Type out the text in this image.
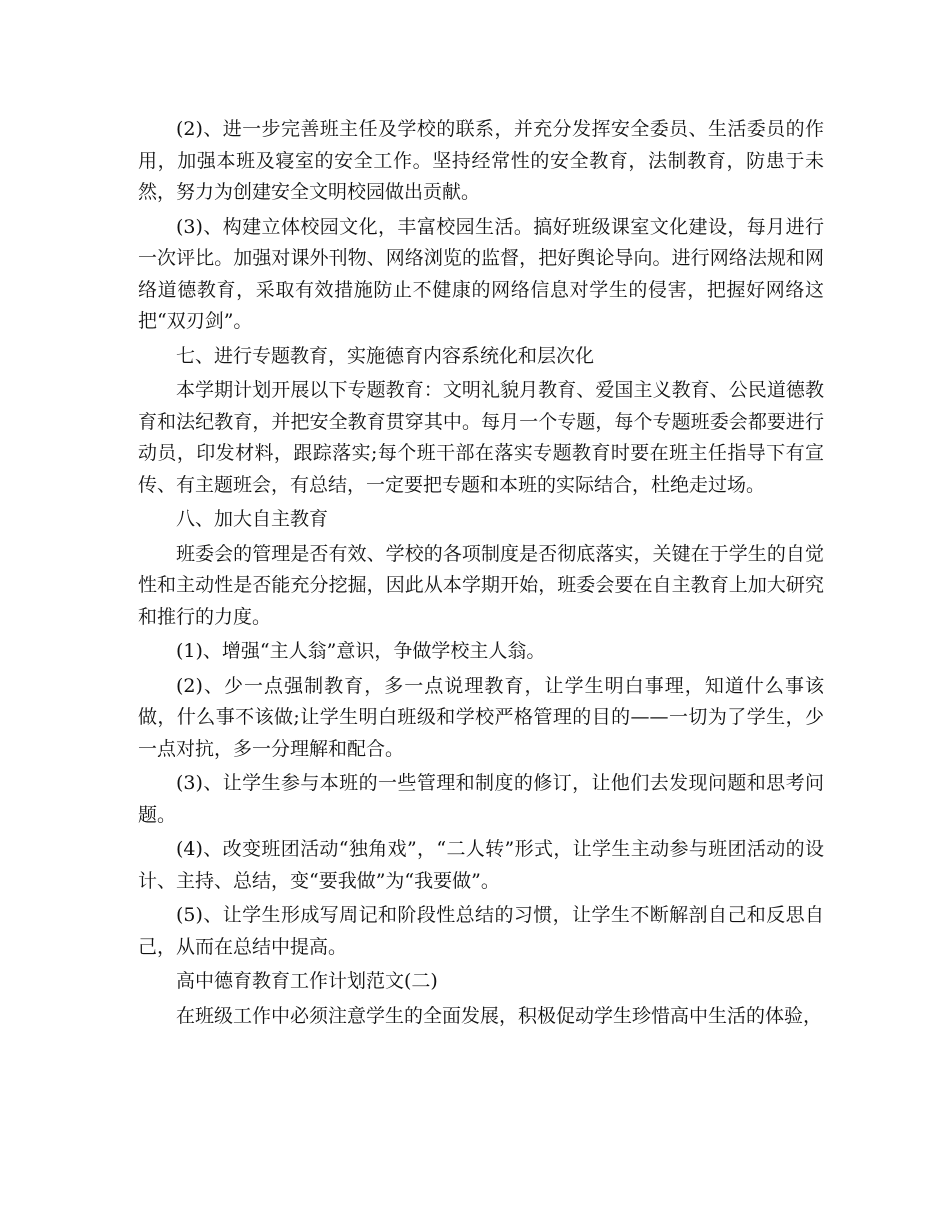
(2)、进一步完善班主任及学校的联系，并充分发挥安全委员、生活委员的作用，加强本班及寝室的安全工作。坚持经常性的安全教育，法制教育，防患于未然，努力为创建安全文明校园做出贡献。

(3)、构建立体校园文化，丰富校园生活。搞好班级课室文化建设，每月进行一次评比。加强对课外刊物、网络浏览的监督，把好舆论导向。进行网络法规和网络道德教育，采取有效措施防止不健康的网络信息对学生的侵害，把握好网络这把“双刃剑”。

七、进行专题教育，实施德育内容系统化和层次化

本学期计划开展以下专题教育：文明礼貌月教育、爱国主义教育、公民道德教育和法纪教育，并把安全教育贯穿其中。每月一个专题，每个专题班委会都要进行动员，印发材料，跟踪落实;每个班干部在落实专题教育时要在班主任指导下有宣传、有主题班会，有总结，一定要把专题和本班的实际结合，杜绝走过场。

八、加大自主教育

班委会的管理是否有效、学校的各项制度是否彻底落实，关键在于学生的自觉性和主动性是否能充分挖掘，因此从本学期开始，班委会要在自主教育上加大研究和推行的力度。

(1)、增强“主人翁”意识，争做学校主人翁。

(2)、少一点强制教育，多一点说理教育，让学生明白事理，知道什么事该做，什么事不该做;让学生明白班级和学校严格管理的目的——一切为了学生，少一点对抗，多一分理解和配合。

(3)、让学生参与本班的一些管理和制度的修订，让他们去发现问题和思考问题。

(4)、改变班团活动“独角戏”，“二人转”形式，让学生主动参与班团活动的设计、主持、总结，变“要我做”为“我要做”。

(5)、让学生形成写周记和阶段性总结的习惯，让学生不断解剖自己和反思自己，从而在总结中提高。

高中德育教育工作计划范文(二)

在班级工作中必须注意学生的全面发展，积极促动学生珍惜高中生活的体验，
